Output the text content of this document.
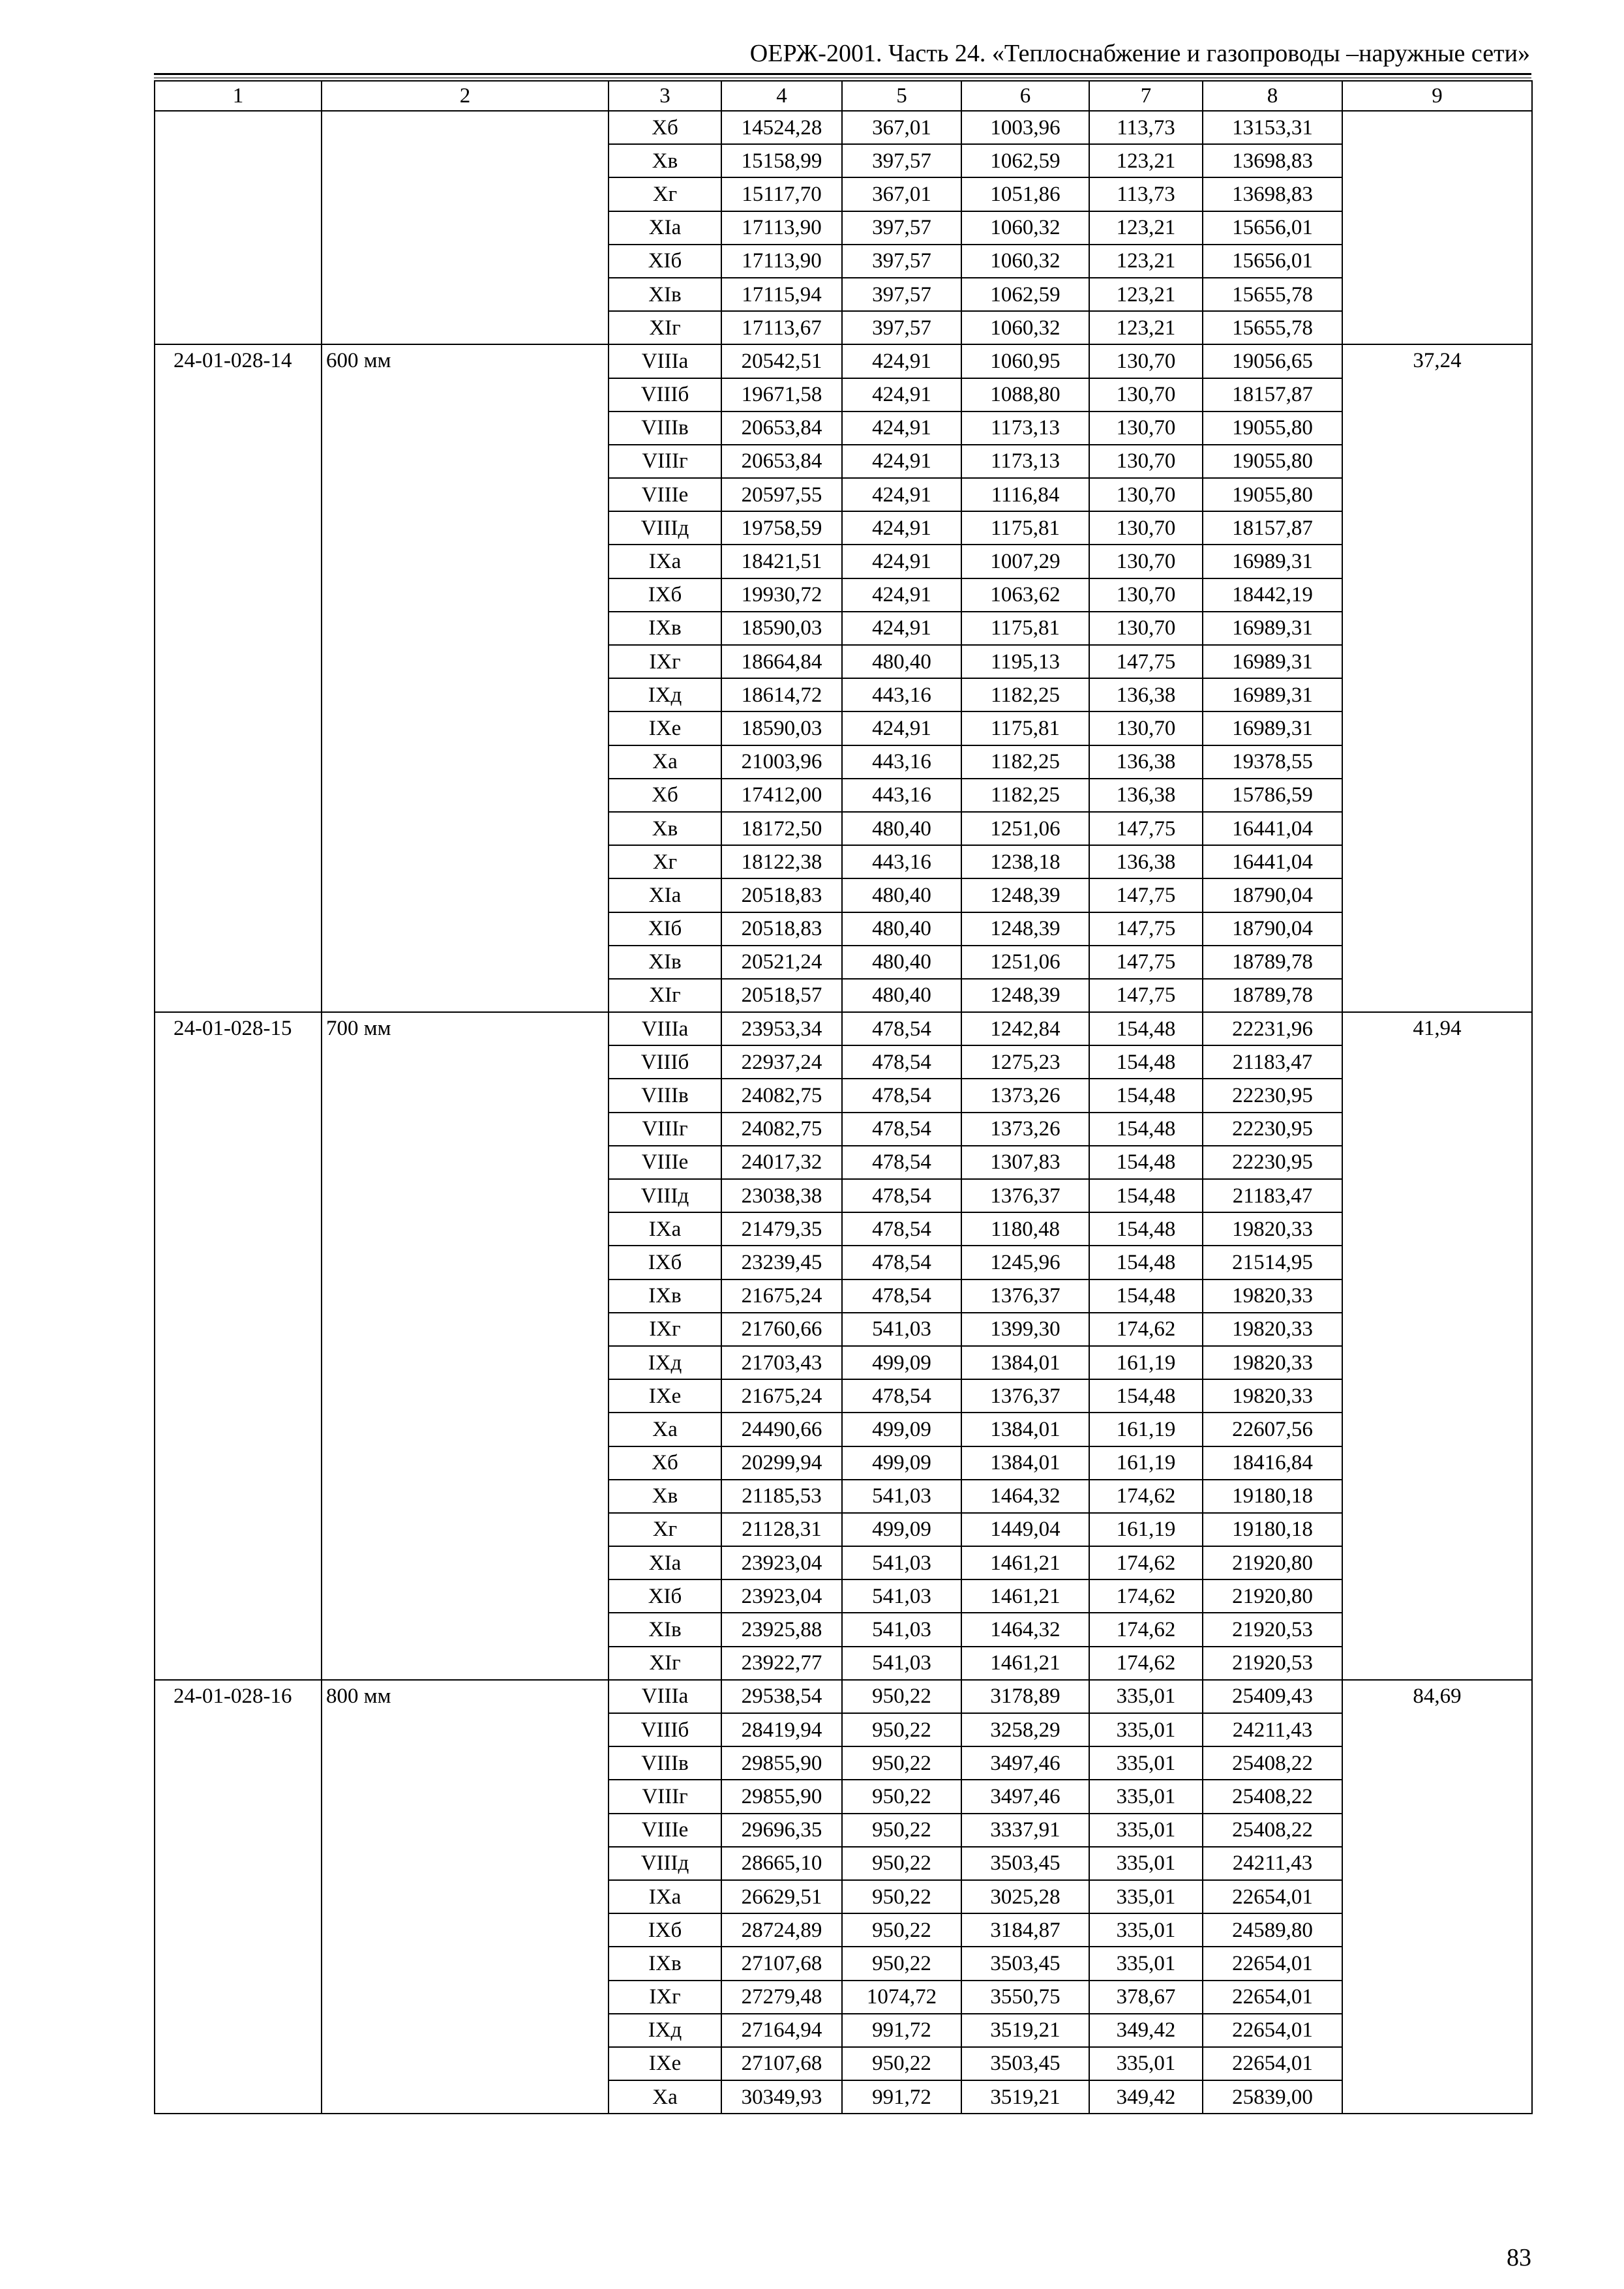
ОЕРЖ-2001. Часть 24. «Теплоснабжение и газопроводы –наружные сети»
1	2	3	4	5	6	7	8	9
		Xб	14524,28	367,01	1003,96	113,73	13153,31	
		Xв	15158,99	397,57	1062,59	123,21	13698,83	
		Xг	15117,70	367,01	1051,86	113,73	13698,83	
		XIа	17113,90	397,57	1060,32	123,21	15656,01	
		XIб	17113,90	397,57	1060,32	123,21	15656,01	
		XIв	17115,94	397,57	1062,59	123,21	15655,78	
		XIг	17113,67	397,57	1060,32	123,21	15655,78	
24-01-028-14	600 мм	VIIIа	20542,51	424,91	1060,95	130,70	19056,65	37,24
		VIIIб	19671,58	424,91	1088,80	130,70	18157,87	
		VIIIв	20653,84	424,91	1173,13	130,70	19055,80	
		VIIIг	20653,84	424,91	1173,13	130,70	19055,80	
		VIIIе	20597,55	424,91	1116,84	130,70	19055,80	
		VIIIд	19758,59	424,91	1175,81	130,70	18157,87	
		IXа	18421,51	424,91	1007,29	130,70	16989,31	
		IXб	19930,72	424,91	1063,62	130,70	18442,19	
		IXв	18590,03	424,91	1175,81	130,70	16989,31	
		IXг	18664,84	480,40	1195,13	147,75	16989,31	
		IXд	18614,72	443,16	1182,25	136,38	16989,31	
		IXе	18590,03	424,91	1175,81	130,70	16989,31	
		Xа	21003,96	443,16	1182,25	136,38	19378,55	
		Xб	17412,00	443,16	1182,25	136,38	15786,59	
		Xв	18172,50	480,40	1251,06	147,75	16441,04	
		Xг	18122,38	443,16	1238,18	136,38	16441,04	
		XIа	20518,83	480,40	1248,39	147,75	18790,04	
		XIб	20518,83	480,40	1248,39	147,75	18790,04	
		XIв	20521,24	480,40	1251,06	147,75	18789,78	
		XIг	20518,57	480,40	1248,39	147,75	18789,78	
24-01-028-15	700 мм	VIIIа	23953,34	478,54	1242,84	154,48	22231,96	41,94
		VIIIб	22937,24	478,54	1275,23	154,48	21183,47	
		VIIIв	24082,75	478,54	1373,26	154,48	22230,95	
		VIIIг	24082,75	478,54	1373,26	154,48	22230,95	
		VIIIе	24017,32	478,54	1307,83	154,48	22230,95	
		VIIIд	23038,38	478,54	1376,37	154,48	21183,47	
		IXа	21479,35	478,54	1180,48	154,48	19820,33	
		IXб	23239,45	478,54	1245,96	154,48	21514,95	
		IXв	21675,24	478,54	1376,37	154,48	19820,33	
		IXг	21760,66	541,03	1399,30	174,62	19820,33	
		IXд	21703,43	499,09	1384,01	161,19	19820,33	
		IXе	21675,24	478,54	1376,37	154,48	19820,33	
		Xа	24490,66	499,09	1384,01	161,19	22607,56	
		Xб	20299,94	499,09	1384,01	161,19	18416,84	
		Xв	21185,53	541,03	1464,32	174,62	19180,18	
		Xг	21128,31	499,09	1449,04	161,19	19180,18	
		XIа	23923,04	541,03	1461,21	174,62	21920,80	
		XIб	23923,04	541,03	1461,21	174,62	21920,80	
		XIв	23925,88	541,03	1464,32	174,62	21920,53	
		XIг	23922,77	541,03	1461,21	174,62	21920,53	
24-01-028-16	800 мм	VIIIа	29538,54	950,22	3178,89	335,01	25409,43	84,69
		VIIIб	28419,94	950,22	3258,29	335,01	24211,43	
		VIIIв	29855,90	950,22	3497,46	335,01	25408,22	
		VIIIг	29855,90	950,22	3497,46	335,01	25408,22	
		VIIIе	29696,35	950,22	3337,91	335,01	25408,22	
		VIIIд	28665,10	950,22	3503,45	335,01	24211,43	
		IXа	26629,51	950,22	3025,28	335,01	22654,01	
		IXб	28724,89	950,22	3184,87	335,01	24589,80	
		IXв	27107,68	950,22	3503,45	335,01	22654,01	
		IXг	27279,48	1074,72	3550,75	378,67	22654,01	
		IXд	27164,94	991,72	3519,21	349,42	22654,01	
		IXе	27107,68	950,22	3503,45	335,01	22654,01	
		Xа	30349,93	991,72	3519,21	349,42	25839,00	
83
